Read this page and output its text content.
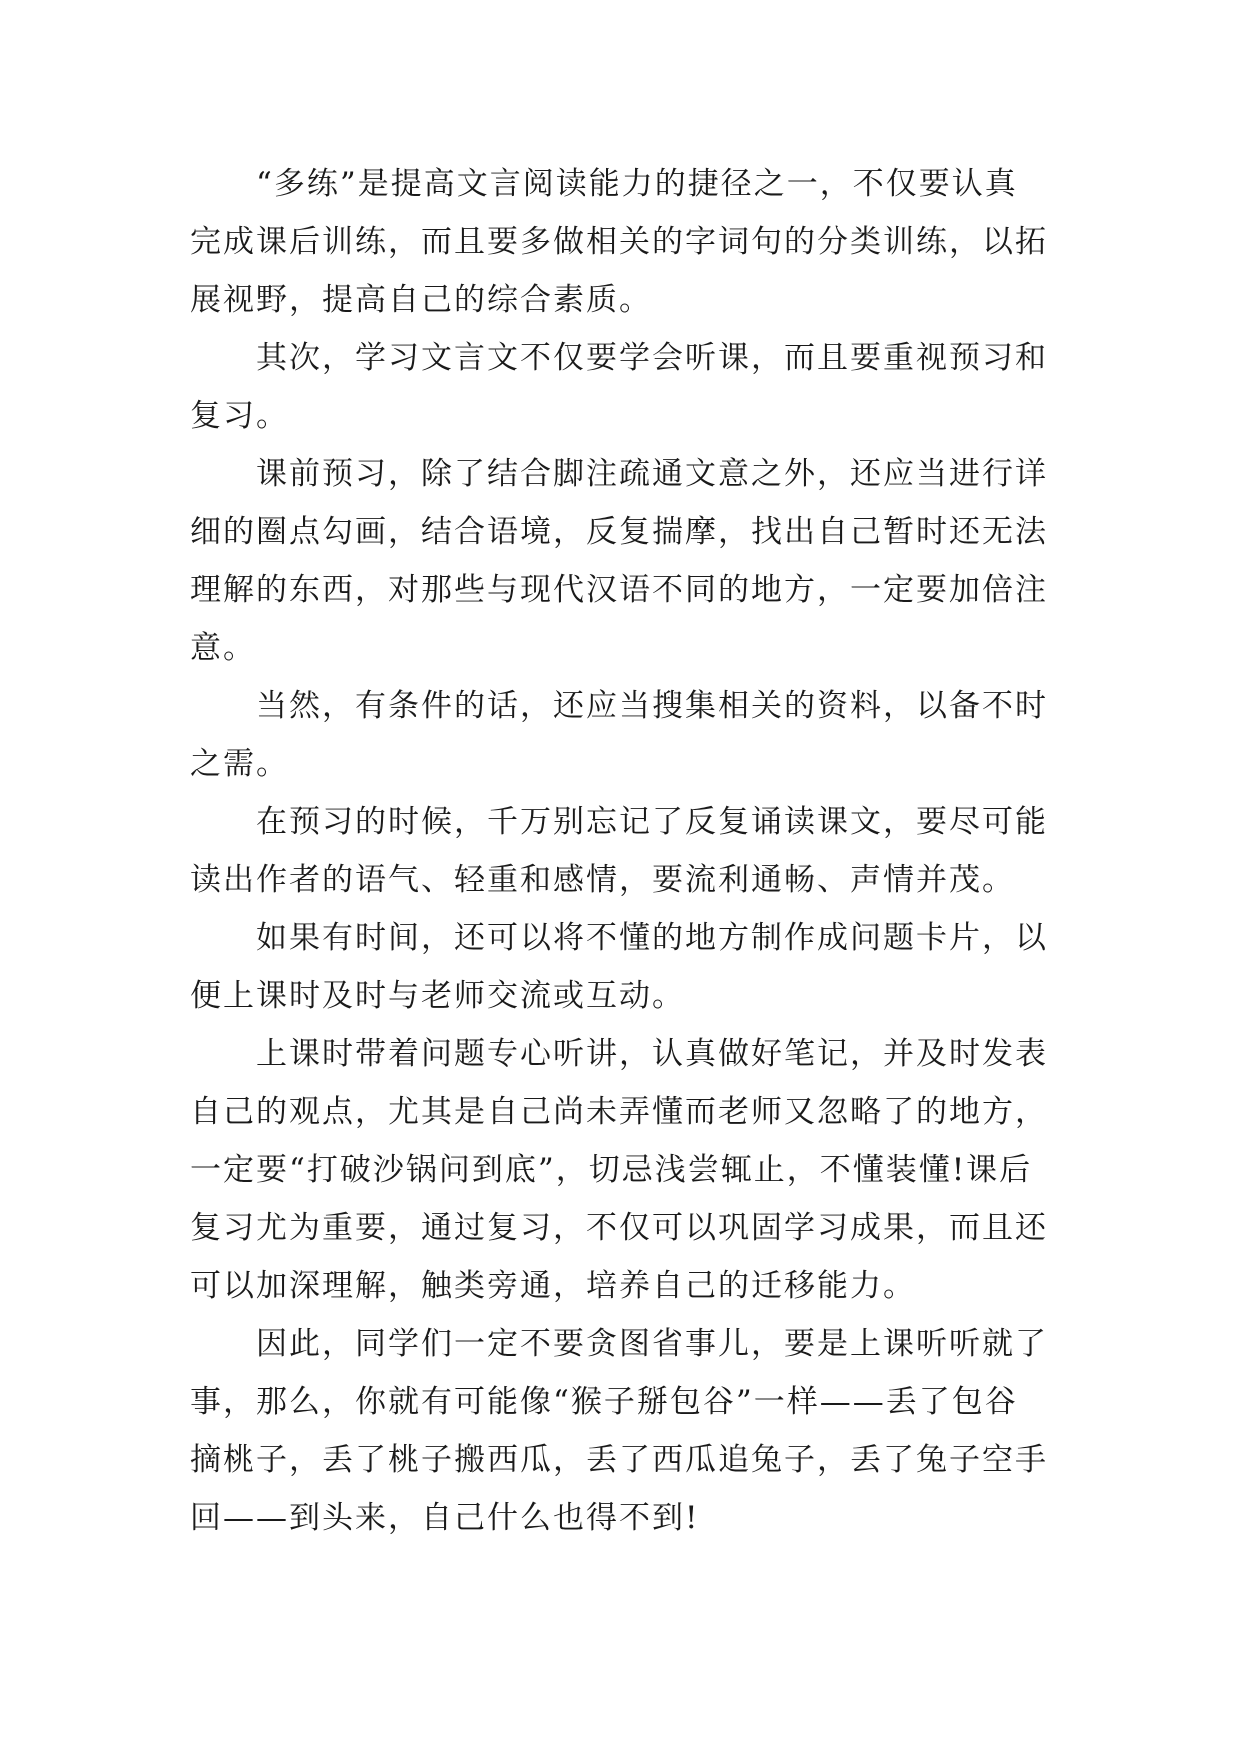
“多练”是提高文言阅读能力的捷径之一，不仅要认真
完成课后训练，而且要多做相关的字词句的分类训练，以拓
展视野，提高自己的综合素质。
其次，学习文言文不仅要学会听课，而且要重视预习和
复习。
课前预习，除了结合脚注疏通文意之外，还应当进行详
细的圈点勾画，结合语境，反复揣摩，找出自己暂时还无法
理解的东西，对那些与现代汉语不同的地方，一定要加倍注
意。
当然，有条件的话，还应当搜集相关的资料，以备不时
之需。
在预习的时候，千万别忘记了反复诵读课文，要尽可能
读出作者的语气、轻重和感情，要流利通畅、声情并茂。
如果有时间，还可以将不懂的地方制作成问题卡片，以
便上课时及时与老师交流或互动。
上课时带着问题专心听讲，认真做好笔记，并及时发表
自己的观点，尤其是自己尚未弄懂而老师又忽略了的地方，
一定要“打破沙锅问到底”，切忌浅尝辄止，不懂装懂!课后
复习尤为重要，通过复习，不仅可以巩固学习成果，而且还
可以加深理解，触类旁通，培养自己的迁移能力。
因此，同学们一定不要贪图省事儿，要是上课听听就了
事，那么，你就有可能像“猴子掰包谷”一样——丢了包谷
摘桃子，丢了桃子搬西瓜，丢了西瓜追兔子，丢了兔子空手
回——到头来，自己什么也得不到!
